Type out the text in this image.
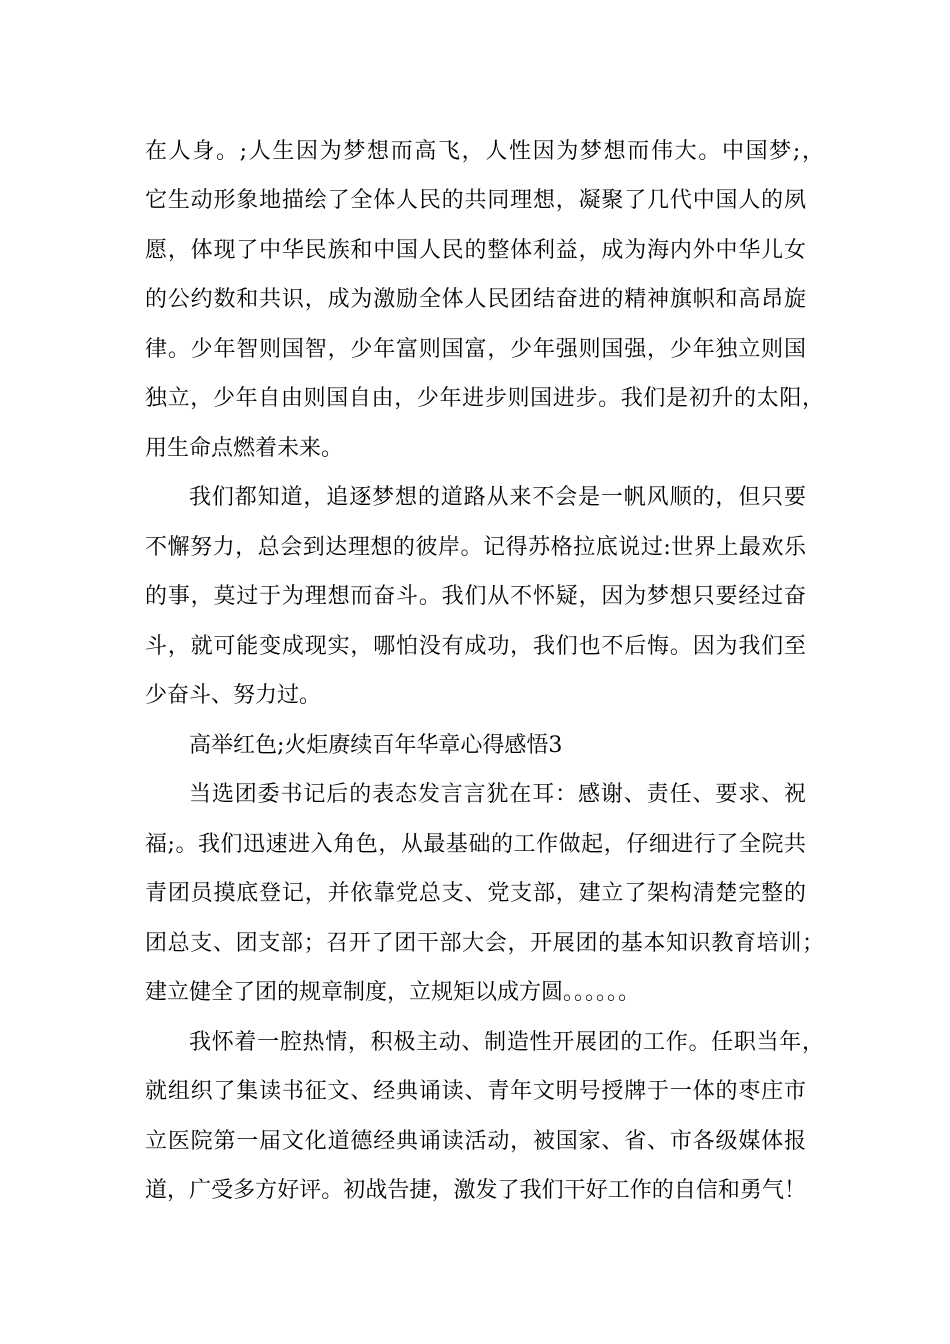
在人身。;人生因为梦想而高飞，人性因为梦想而伟大。中国梦;，
它生动形象地描绘了全体人民的共同理想，凝聚了几代中国人的夙
愿，体现了中华民族和中国人民的整体利益，成为海内外中华儿女
的公约数和共识，成为激励全体人民团结奋进的精神旗帜和高昂旋
律。少年智则国智，少年富则国富，少年强则国强，少年独立则国
独立，少年自由则国自由，少年进步则国进步。我们是初升的太阳，
用生命点燃着未来。
我们都知道，追逐梦想的道路从来不会是一帆风顺的，但只要
不懈努力，总会到达理想的彼岸。记得苏格拉底说过:世界上最欢乐
的事，莫过于为理想而奋斗。我们从不怀疑，因为梦想只要经过奋
斗，就可能变成现实，哪怕没有成功，我们也不后悔。因为我们至
少奋斗、努力过。
高举红色;火炬赓续百年华章心得感悟3
当选团委书记后的表态发言言犹在耳：感谢、责任、要求、祝
福;。我们迅速进入角色，从最基础的工作做起，仔细进行了全院共
青团员摸底登记，并依靠党总支、党支部，建立了架构清楚完整的
团总支、团支部；召开了团干部大会，开展团的基本知识教育培训；
建立健全了团的规章制度，立规矩以成方圆。。。。。。
我怀着一腔热情，积极主动、制造性开展团的工作。任职当年，
就组织了集读书征文、经典诵读、青年文明号授牌于一体的枣庄市
立医院第一届文化道德经典诵读活动，被国家、省、市各级媒体报
道，广受多方好评。初战告捷，激发了我们干好工作的自信和勇气！
